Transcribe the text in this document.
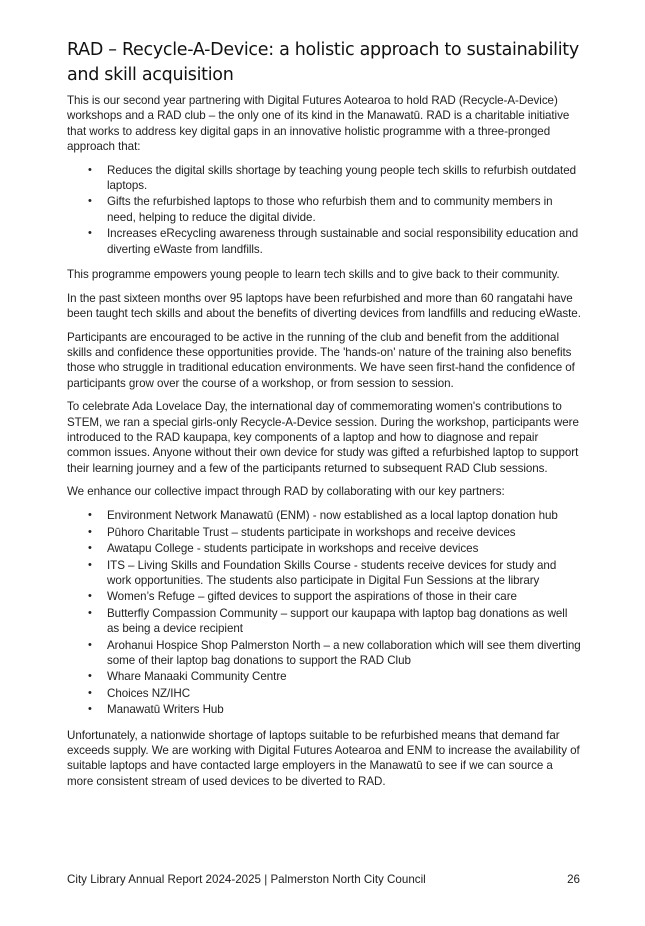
RAD – Recycle-A-Device: a holistic approach to sustainability and skill acquisition

This is our second year partnering with Digital Futures Aotearoa to hold RAD (Recycle-A-Device) workshops and a RAD club – the only one of its kind in the Manawatū. RAD is a charitable initiative that works to address key digital gaps in an innovative holistic programme with a three-pronged approach that:

• Reduces the digital skills shortage by teaching young people tech skills to refurbish outdated laptops.
• Gifts the refurbished laptops to those who refurbish them and to community members in need, helping to reduce the digital divide.
• Increases eRecycling awareness through sustainable and social responsibility education and diverting eWaste from landfills.

This programme empowers young people to learn tech skills and to give back to their community.

In the past sixteen months over 95 laptops have been refurbished and more than 60 rangatahi have been taught tech skills and about the benefits of diverting devices from landfills and reducing eWaste.

Participants are encouraged to be active in the running of the club and benefit from the additional skills and confidence these opportunities provide. The 'hands-on' nature of the training also benefits those who struggle in traditional education environments. We have seen first-hand the confidence of participants grow over the course of a workshop, or from session to session.

To celebrate Ada Lovelace Day, the international day of commemorating women's contributions to STEM, we ran a special girls-only Recycle-A-Device session. During the workshop, participants were introduced to the RAD kaupapa, key components of a laptop and how to diagnose and repair common issues. Anyone without their own device for study was gifted a refurbished laptop to support their learning journey and a few of the participants returned to subsequent RAD Club sessions.

We enhance our collective impact through RAD by collaborating with our key partners:

• Environment Network Manawatū (ENM) - now established as a local laptop donation hub
• Pūhoro Charitable Trust – students participate in workshops and receive devices
• Awatapu College - students participate in workshops and receive devices
• ITS – Living Skills and Foundation Skills Course - students receive devices for study and work opportunities. The students also participate in Digital Fun Sessions at the library
• Women’s Refuge – gifted devices to support the aspirations of those in their care
• Butterfly Compassion Community – support our kaupapa with laptop bag donations as well as being a device recipient
• Arohanui Hospice Shop Palmerston North – a new collaboration which will see them diverting some of their laptop bag donations to support the RAD Club
• Whare Manaaki Community Centre
• Choices NZ/IHC
• Manawatū Writers Hub

Unfortunately, a nationwide shortage of laptops suitable to be refurbished means that demand far exceeds supply. We are working with Digital Futures Aotearoa and ENM to increase the availability of suitable laptops and have contacted large employers in the Manawatū to see if we can source a more consistent stream of used devices to be diverted to RAD.

City Library Annual Report 2024-2025 | Palmerston North City Council	26
